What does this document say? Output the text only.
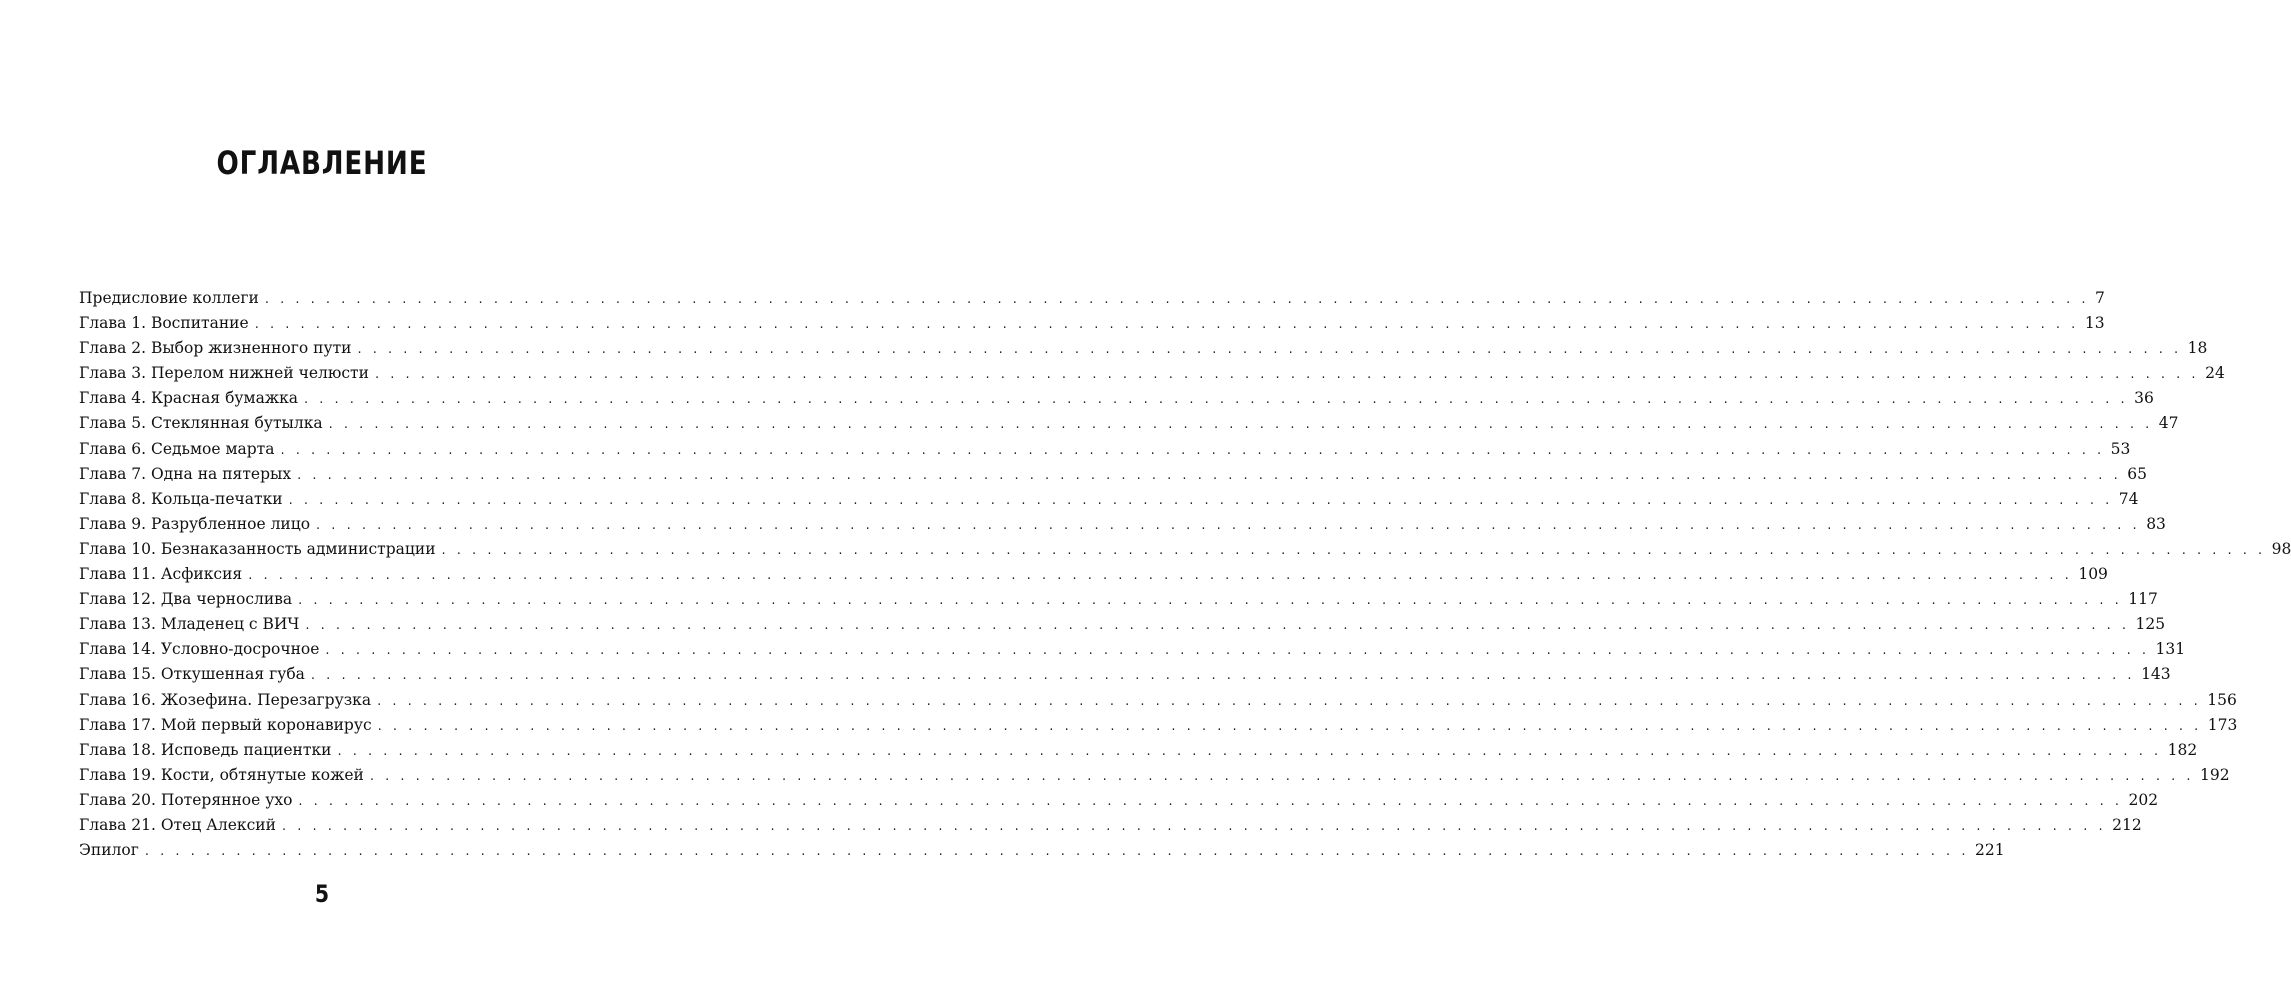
ОГЛАВЛЕНИЕ
Предисловие коллеги . . . . . . . . . . . . . . . . . . . . . . . . . . . . . . . . . . . . . . . . . . . . . . . . . . . . . . . . . . . . . . . . . . . . . . . . . . . . . . . . . . . . . . . . . . . . . . . . . . . . . . . . . . . . . . . . . . . . . . . . 7
Глава 1. Воспитание . . . . . . . . . . . . . . . . . . . . . . . . . . . . . . . . . . . . . . . . . . . . . . . . . . . . . . . . . . . . . . . . . . . . . . . . . . . . . . . . . . . . . . . . . . . . . . . . . . . . . . . . . . . . . . . . . . . . . . . . 13
Глава 2. Выбор жизненного пути . . . . . . . . . . . . . . . . . . . . . . . . . . . . . . . . . . . . . . . . . . . . . . . . . . . . . . . . . . . . . . . . . . . . . . . . . . . . . . . . . . . . . . . . . . . . . . . . . . . . . . . . . . . . . . . . . . . . . . . . 18
Глава 3. Перелом нижней челюсти . . . . . . . . . . . . . . . . . . . . . . . . . . . . . . . . . . . . . . . . . . . . . . . . . . . . . . . . . . . . . . . . . . . . . . . . . . . . . . . . . . . . . . . . . . . . . . . . . . . . . . . . . . . . . . . . . . . . . . . . 24
Глава 4. Красная бумажка . . . . . . . . . . . . . . . . . . . . . . . . . . . . . . . . . . . . . . . . . . . . . . . . . . . . . . . . . . . . . . . . . . . . . . . . . . . . . . . . . . . . . . . . . . . . . . . . . . . . . . . . . . . . . . . . . . . . . . . . 36
Глава 5. Стеклянная бутылка . . . . . . . . . . . . . . . . . . . . . . . . . . . . . . . . . . . . . . . . . . . . . . . . . . . . . . . . . . . . . . . . . . . . . . . . . . . . . . . . . . . . . . . . . . . . . . . . . . . . . . . . . . . . . . . . . . . . . . . . 47
Глава 6. Седьмое марта . . . . . . . . . . . . . . . . . . . . . . . . . . . . . . . . . . . . . . . . . . . . . . . . . . . . . . . . . . . . . . . . . . . . . . . . . . . . . . . . . . . . . . . . . . . . . . . . . . . . . . . . . . . . . . . . . . . . . . . . 53
Глава 7. Одна на пятерых . . . . . . . . . . . . . . . . . . . . . . . . . . . . . . . . . . . . . . . . . . . . . . . . . . . . . . . . . . . . . . . . . . . . . . . . . . . . . . . . . . . . . . . . . . . . . . . . . . . . . . . . . . . . . . . . . . . . . . . . 65
Глава 8. Кольца-печатки . . . . . . . . . . . . . . . . . . . . . . . . . . . . . . . . . . . . . . . . . . . . . . . . . . . . . . . . . . . . . . . . . . . . . . . . . . . . . . . . . . . . . . . . . . . . . . . . . . . . . . . . . . . . . . . . . . . . . . . . 74
Глава 9. Разрубленное лицо . . . . . . . . . . . . . . . . . . . . . . . . . . . . . . . . . . . . . . . . . . . . . . . . . . . . . . . . . . . . . . . . . . . . . . . . . . . . . . . . . . . . . . . . . . . . . . . . . . . . . . . . . . . . . . . . . . . . . . . . 83
Глава 10. Безнаказанность администрации . . . . . . . . . . . . . . . . . . . . . . . . . . . . . . . . . . . . . . . . . . . . . . . . . . . . . . . . . . . . . . . . . . . . . . . . . . . . . . . . . . . . . . . . . . . . . . . . . . . . . . . . . . . . . . . . . . . . . . . . 98
Глава 11. Асфиксия . . . . . . . . . . . . . . . . . . . . . . . . . . . . . . . . . . . . . . . . . . . . . . . . . . . . . . . . . . . . . . . . . . . . . . . . . . . . . . . . . . . . . . . . . . . . . . . . . . . . . . . . . . . . . . . . . . . . . . . . 109
Глава 12. Два чернослива . . . . . . . . . . . . . . . . . . . . . . . . . . . . . . . . . . . . . . . . . . . . . . . . . . . . . . . . . . . . . . . . . . . . . . . . . . . . . . . . . . . . . . . . . . . . . . . . . . . . . . . . . . . . . . . . . . . . . . . . 117
Глава 13. Младенец с ВИЧ . . . . . . . . . . . . . . . . . . . . . . . . . . . . . . . . . . . . . . . . . . . . . . . . . . . . . . . . . . . . . . . . . . . . . . . . . . . . . . . . . . . . . . . . . . . . . . . . . . . . . . . . . . . . . . . . . . . . . . . . 125
Глава 14. Условно-досрочное . . . . . . . . . . . . . . . . . . . . . . . . . . . . . . . . . . . . . . . . . . . . . . . . . . . . . . . . . . . . . . . . . . . . . . . . . . . . . . . . . . . . . . . . . . . . . . . . . . . . . . . . . . . . . . . . . . . . . . . . 131
Глава 15. Откушенная губа . . . . . . . . . . . . . . . . . . . . . . . . . . . . . . . . . . . . . . . . . . . . . . . . . . . . . . . . . . . . . . . . . . . . . . . . . . . . . . . . . . . . . . . . . . . . . . . . . . . . . . . . . . . . . . . . . . . . . . . . 143
Глава 16. Жозефина. Перезагрузка . . . . . . . . . . . . . . . . . . . . . . . . . . . . . . . . . . . . . . . . . . . . . . . . . . . . . . . . . . . . . . . . . . . . . . . . . . . . . . . . . . . . . . . . . . . . . . . . . . . . . . . . . . . . . . . . . . . . . . . . 156
Глава 17. Мой первый коронавирус . . . . . . . . . . . . . . . . . . . . . . . . . . . . . . . . . . . . . . . . . . . . . . . . . . . . . . . . . . . . . . . . . . . . . . . . . . . . . . . . . . . . . . . . . . . . . . . . . . . . . . . . . . . . . . . . . . . . . . . . 173
Глава 18. Исповедь пациентки . . . . . . . . . . . . . . . . . . . . . . . . . . . . . . . . . . . . . . . . . . . . . . . . . . . . . . . . . . . . . . . . . . . . . . . . . . . . . . . . . . . . . . . . . . . . . . . . . . . . . . . . . . . . . . . . . . . . . . . . 182
Глава 19. Кости, обтянутые кожей . . . . . . . . . . . . . . . . . . . . . . . . . . . . . . . . . . . . . . . . . . . . . . . . . . . . . . . . . . . . . . . . . . . . . . . . . . . . . . . . . . . . . . . . . . . . . . . . . . . . . . . . . . . . . . . . . . . . . . . . 192
Глава 20. Потерянное ухо . . . . . . . . . . . . . . . . . . . . . . . . . . . . . . . . . . . . . . . . . . . . . . . . . . . . . . . . . . . . . . . . . . . . . . . . . . . . . . . . . . . . . . . . . . . . . . . . . . . . . . . . . . . . . . . . . . . . . . . . 202
Глава 21. Отец Алексий . . . . . . . . . . . . . . . . . . . . . . . . . . . . . . . . . . . . . . . . . . . . . . . . . . . . . . . . . . . . . . . . . . . . . . . . . . . . . . . . . . . . . . . . . . . . . . . . . . . . . . . . . . . . . . . . . . . . . . . . 212
Эпилог . . . . . . . . . . . . . . . . . . . . . . . . . . . . . . . . . . . . . . . . . . . . . . . . . . . . . . . . . . . . . . . . . . . . . . . . . . . . . . . . . . . . . . . . . . . . . . . . . . . . . . . . . . . . . . . . . . . . . . . . 221
5
